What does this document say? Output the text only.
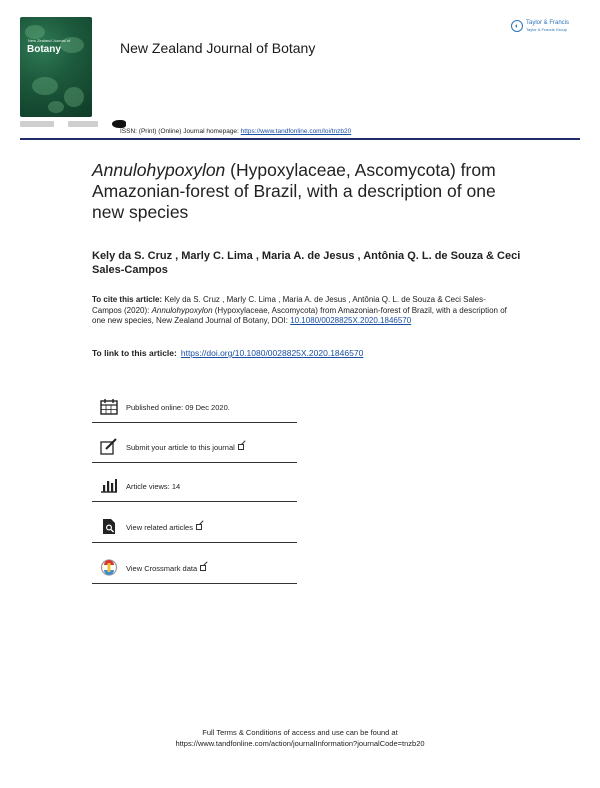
New Zealand Journal of
Botany	New Zealand Journal of Botany
◐	Taylor & Francis
Taylor & Francis Group
ISSN: (Print) (Online) Journal homepage: https://www.tandfonline.com/loi/tnzb20
Annulohypoxylon (Hypoxylaceae, Ascomycota) from Amazonian-forest of Brazil, with a description of one new species
Kely da S. Cruz , Marly C. Lima , Maria A. de Jesus , Antônia Q. L. de Souza & Ceci Sales-Campos
To cite this article: Kely da S. Cruz , Marly C. Lima , Maria A. de Jesus , Antônia Q. L. de Souza & Ceci Sales-Campos (2020): Annulohypoxylon (Hypoxylaceae, Ascomycota) from Amazonian-forest of Brazil, with a description of one new species, New Zealand Journal of Botany, DOI: 10.1080/0028825X.2020.1846570
To link to this article: https://doi.org/10.1080/0028825X.2020.1846570
Published online: 09 Dec 2020.
Submit your article to this journal
Article views: 14
View related articles
View Crossmark data
Full Terms & Conditions of access and use can be found at
https://www.tandfonline.com/action/journalInformation?journalCode=tnzb20
